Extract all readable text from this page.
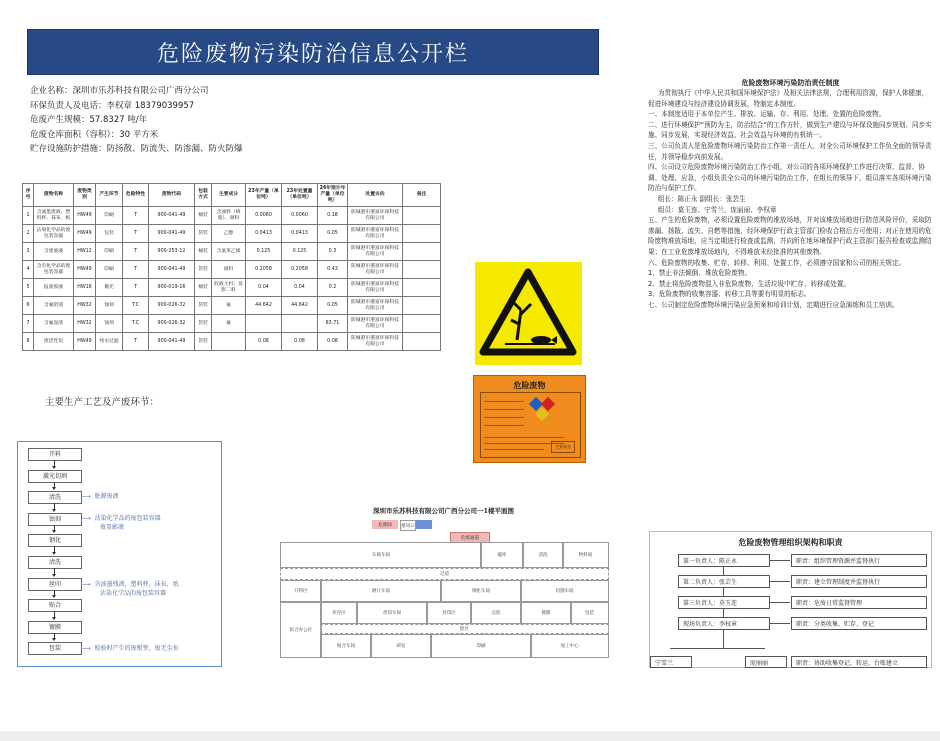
危险废物污染防治信息公开栏
企业名称：深圳市乐苏科技有限公司广西分公司
环保负责人及电话：李权章 18379039957
危废产生规模：57.8327 吨/年
危废仓库面积（容积）：30 平方米
贮存设施防护措施：防扬散、防流失、防渗漏、防火防爆
序号	废物名称	废物类别	产生环节	危险特性	废物代码	包装方式	主要成分	23年产量（单位吨）	23年处置量（单位吨）	24年预计年产量（单位吨）	处置去向	备注
1	含油墨废液、塑料杯、抹布、纸	HW49	印刷	T	900-041-49	桶装	含油料（树脂）、颜料	0.0060	0.0060	0.18	防城港市港富环保科技有限公司	
2	沾染化学品的废包装容器	HW49	包装	T	900-041-49	袋装	乙醇	0.0413	0.0413	0.05	防城港市港富环保科技有限公司	
3	含废底液	HW12	印刷	T	900-253-12	桶装	含氯苯乙烯	0.125	0.125	0.3	防城港市港富环保科技有限公司	
4	含有化学品的废包装容器	HW49	印刷	T	900-041-49	袋装	颜料	0.2058	0.2058	0.43	防城港市港富环保科技有限公司	
5	报废胶液	HW16	微光	T	900-019-16	桶装	胶液主料；显影二料	0.04	0.04	0.2	防城港市港富环保科技有限公司	
6	含氟铝渣	HW32	蚀刻	T.C	900-026-32	袋装	氟	44.642	44.642	0.05	防城港市港富环保科技有限公司	
7	含氟泥渣	HW32	蚀刻	T.C	900-026-32	袋装	氟			83.71	防城港市港富环保科技有限公司	
8	废活性炭	HW49	纯水过滤	T	900-041-49	袋装		0.08	0.08	0.08	防城港市港富环保科技有限公司	
主要生产工艺及产废环节：
开料
激光切割
清洗
蚀刻
钢化
清洗
丝印
贴合
镀膜
包装
⟶ 脏源废液
⟶ 沾染化学品的废包装容器
废显影液
⟶ 含油墨残液，塑料杯，抹布，纸
沾染化学品的废包装容器
⟶ 检验时产生的废根签，废无尘布
危险废物
主要成分
危险废物环境污染防治责任制度

为贯彻执行《中华人民共和国环境保护法》及相关法律法规，合理利用资源，保护人体健康，促进环境建设与经济建设协调发展，特制定本制度。

一、本制度适用于本单位产生、排放、运输、存、利用、处理、处置的危险废物。

二、进行环境保护“预防为主，防治结合”的工作方针，做到生产建设与环保设施同步规划、同步实施、同步发展，实现经济效益、社会效益与环境的有机统一。

三、公司负责人是危险废物环境污染防治工作第一责任人，对全公司环境保护工作负全面的领导责任，并领导稳步向前发展。

四、公司设立危险废物环境污染防治工作小组，对公司的各项环境保护工作进行决策、监督、协调、处理、应急，小组负责全公司的环境污染防治工作，在组长的领导下，组员落实各项环境污染防治与保护工作。

组长：陈正永 副组长：张芸生

组员：莫玉连、宁雪兰、庞丽丽、李权章

五、产生的危险废物，必须设置危险废物的堆放场地，并对该堆放场地进行防范风险评价，采取防渗漏、扬散、流失、自燃等措施，经环境保护行政主管部门检收合格后方可使用；对正在使用的危险废物堆放场地，应当定期进行检查或监测，并向所在地环境保护行政主管部门报告检查或监测结果；在工业危废堆放场地内，不得堆放未经批准的其他废物。

六、危险废物的收集、贮存、转移、利用、处置工作，必须遵守国家和公司的相关规定。

1、禁止非法倾倒、堆放危险废物。

2、禁止将危险废物混入非危险废物、生活垃圾中贮存、转移或处置。

3、危险废物的收集容器、转移工具等要有明显的标志。

七、公司制定危险废物环境污染应急预案和培训计划，定期进行应急演练和员工培训。

深圳市乐苏科技有限公司广西分公司一1楼平面图
危废间	排风口
危废通道
车载车间	磁库	清洗	物料间
过道
开料区	磨片车间	钢化车间	切割车间
库存区	丝印车间	丝印区	点胶	镀膜
绘区
包装
贴合车间
综合办公区
研发	印刷	加工中心
危险废物管理组织架构和职责
第一负责人：陈正永	职责：组织管理资源并监督执行
第二负责人：张芸生	职责：建立管理制度并监督执行
第三负责人：莫玉连	职责：危废日常监督管理
现场负责人：李权章	职责：分类收集、贮存、登记
宁雪兰	庞丽丽	职责：协助收集登记、转运、台账建立
